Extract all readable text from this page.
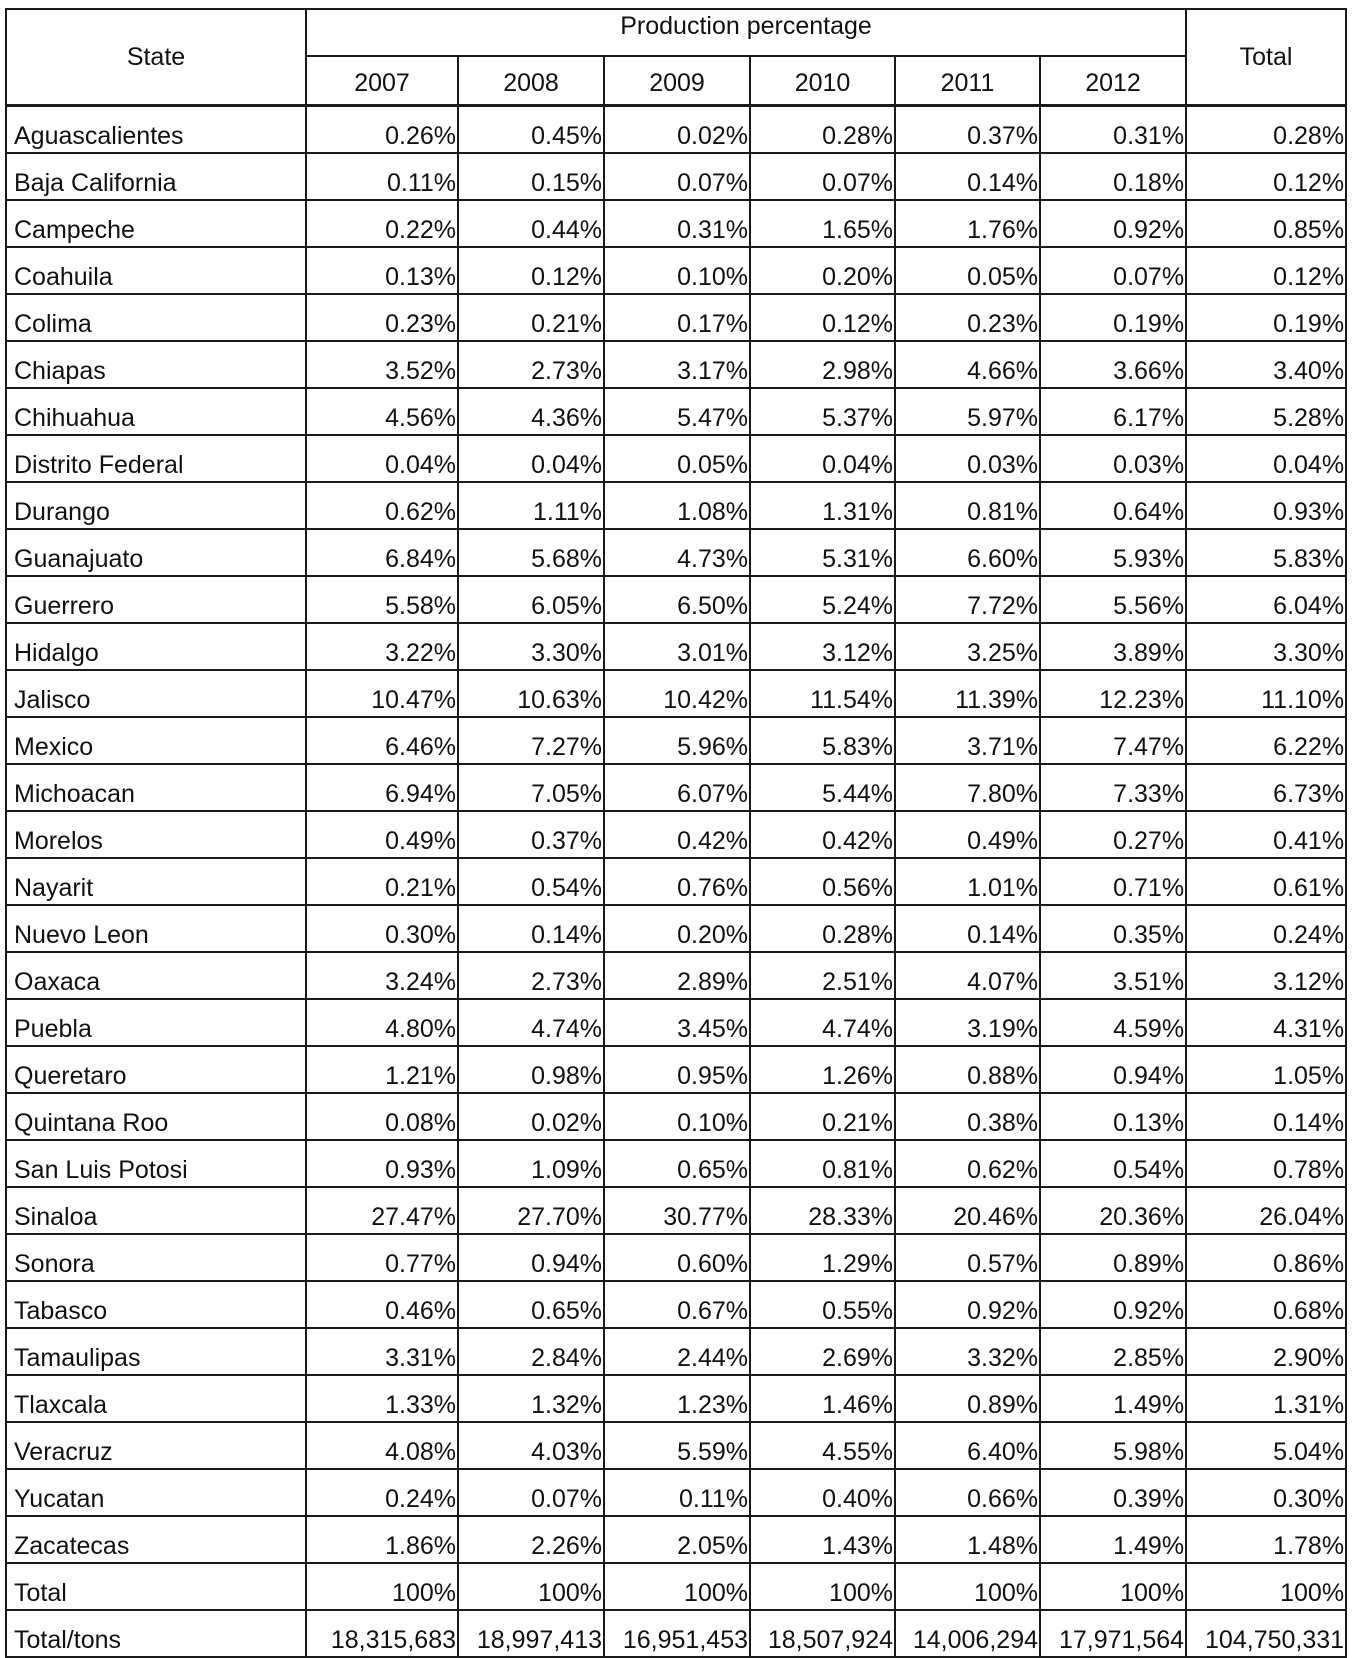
State	Production percentage						Total
	2007	2008	2009	2010	2011	2012	
Aguascalientes	0.26%	0.45%	0.02%	0.28%	0.37%	0.31%	0.28%
Baja California	0.11%	0.15%	0.07%	0.07%	0.14%	0.18%	0.12%
Campeche	0.22%	0.44%	0.31%	1.65%	1.76%	0.92%	0.85%
Coahuila	0.13%	0.12%	0.10%	0.20%	0.05%	0.07%	0.12%
Colima	0.23%	0.21%	0.17%	0.12%	0.23%	0.19%	0.19%
Chiapas	3.52%	2.73%	3.17%	2.98%	4.66%	3.66%	3.40%
Chihuahua	4.56%	4.36%	5.47%	5.37%	5.97%	6.17%	5.28%
Distrito Federal	0.04%	0.04%	0.05%	0.04%	0.03%	0.03%	0.04%
Durango	0.62%	1.11%	1.08%	1.31%	0.81%	0.64%	0.93%
Guanajuato	6.84%	5.68%	4.73%	5.31%	6.60%	5.93%	5.83%
Guerrero	5.58%	6.05%	6.50%	5.24%	7.72%	5.56%	6.04%
Hidalgo	3.22%	3.30%	3.01%	3.12%	3.25%	3.89%	3.30%
Jalisco	10.47%	10.63%	10.42%	11.54%	11.39%	12.23%	11.10%
Mexico	6.46%	7.27%	5.96%	5.83%	3.71%	7.47%	6.22%
Michoacan	6.94%	7.05%	6.07%	5.44%	7.80%	7.33%	6.73%
Morelos	0.49%	0.37%	0.42%	0.42%	0.49%	0.27%	0.41%
Nayarit	0.21%	0.54%	0.76%	0.56%	1.01%	0.71%	0.61%
Nuevo Leon	0.30%	0.14%	0.20%	0.28%	0.14%	0.35%	0.24%
Oaxaca	3.24%	2.73%	2.89%	2.51%	4.07%	3.51%	3.12%
Puebla	4.80%	4.74%	3.45%	4.74%	3.19%	4.59%	4.31%
Queretaro	1.21%	0.98%	0.95%	1.26%	0.88%	0.94%	1.05%
Quintana Roo	0.08%	0.02%	0.10%	0.21%	0.38%	0.13%	0.14%
San Luis Potosi	0.93%	1.09%	0.65%	0.81%	0.62%	0.54%	0.78%
Sinaloa	27.47%	27.70%	30.77%	28.33%	20.46%	20.36%	26.04%
Sonora	0.77%	0.94%	0.60%	1.29%	0.57%	0.89%	0.86%
Tabasco	0.46%	0.65%	0.67%	0.55%	0.92%	0.92%	0.68%
Tamaulipas	3.31%	2.84%	2.44%	2.69%	3.32%	2.85%	2.90%
Tlaxcala	1.33%	1.32%	1.23%	1.46%	0.89%	1.49%	1.31%
Veracruz	4.08%	4.03%	5.59%	4.55%	6.40%	5.98%	5.04%
Yucatan	0.24%	0.07%	0.11%	0.40%	0.66%	0.39%	0.30%
Zacatecas	1.86%	2.26%	2.05%	1.43%	1.48%	1.49%	1.78%
Total	100%	100%	100%	100%	100%	100%	100%
Total/tons	18,315,683	18,997,413	16,951,453	18,507,924	14,006,294	17,971,564	104,750,331
